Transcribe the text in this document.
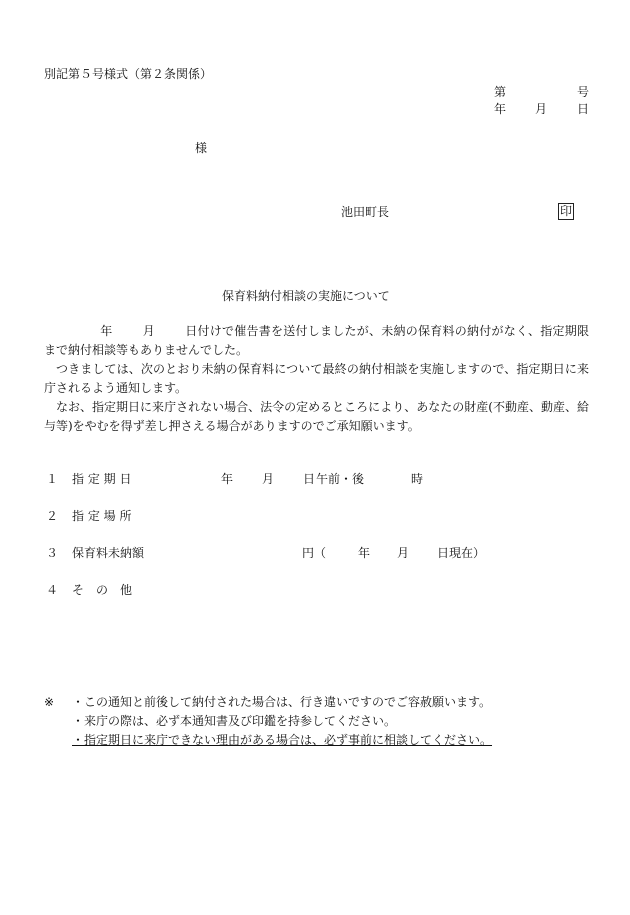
別記第５号様式（第２条関係）
第	号
年 月 日
様
池田町長	印
保育料納付相談の実施について
年	月	日付けで催告書を送付しましたが、未納の保育料の納付がなく、指定期限まで納付相談等もありませんでした。
つきましては、次のとおり未納の保育料について最終の納付相談を実施しますので、指定期日に来庁されるよう通知します。
なお、指定期日に来庁されない場合、法令の定めるところにより、あなたの財産(不動産、動産、給与等)をやむを得ず差し押さえる場合がありますのでご承知願います。
１ 指 定 期 日	年 月 日 午前・後	時
２ 指 定 場 所
３ 保育料未納額	円（	年 月 日現在）
４ そ　の　他
※ ・この通知と前後して納付された場合は、行き違いですのでご容赦願います。
・来庁の際は、必ず本通知書及び印鑑を持参してください。
・指定期日に来庁できない理由がある場合は、必ず事前に相談してください。
